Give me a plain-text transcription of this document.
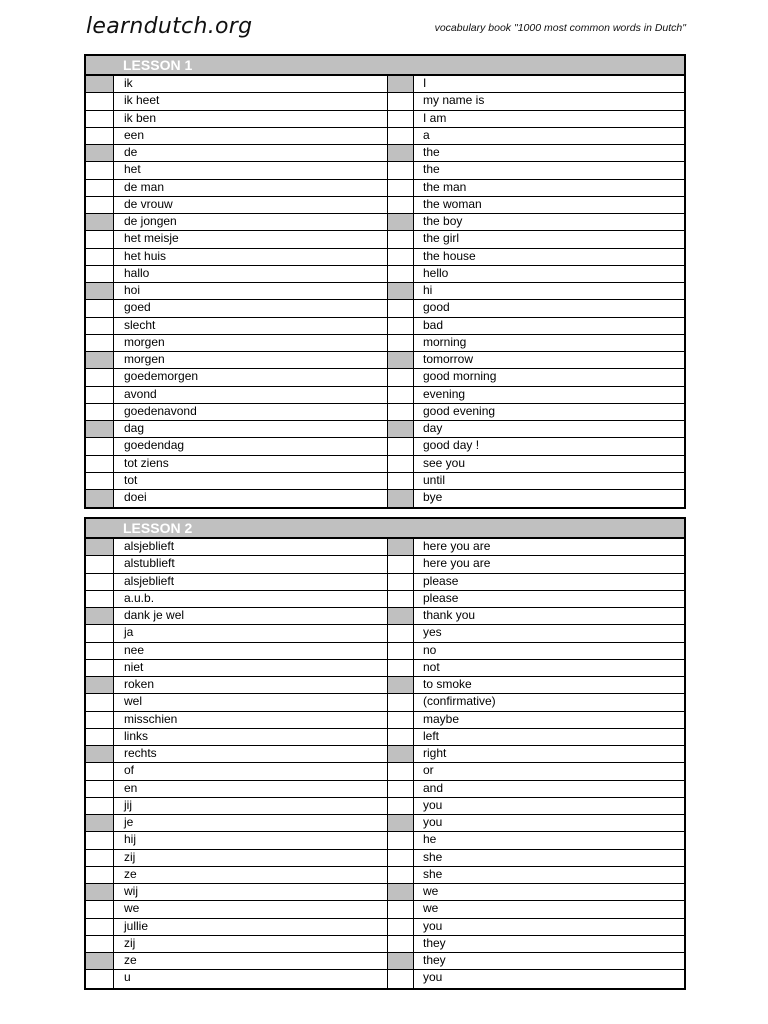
learndutch.org	vocabulary book "1000 most common words in Dutch"
LESSON 1
ik	I
ik heet	my name is
ik ben	I am
een	a
de	the
het	the
de man	the man
de vrouw	the woman
de jongen	the boy
het meisje	the girl
het huis	the house
hallo	hello
hoi	hi
goed	good
slecht	bad
morgen	morning
morgen	tomorrow
goedemorgen	good morning
avond	evening
goedenavond	good evening
dag	day
goedendag	good day !
tot ziens	see you
tot	until
doei	bye
LESSON 2
alsjeblieft	here you are
alstublieft	here you are
alsjeblieft	please
a.u.b.	please
dank je wel	thank you
ja	yes
nee	no
niet	not
roken	to smoke
wel	(confirmative)
misschien	maybe
links	left
rechts	right
of	or
en	and
jij	you
je	you
hij	he
zij	she
ze	she
wij	we
we	we
jullie	you
zij	they
ze	they
u	you
